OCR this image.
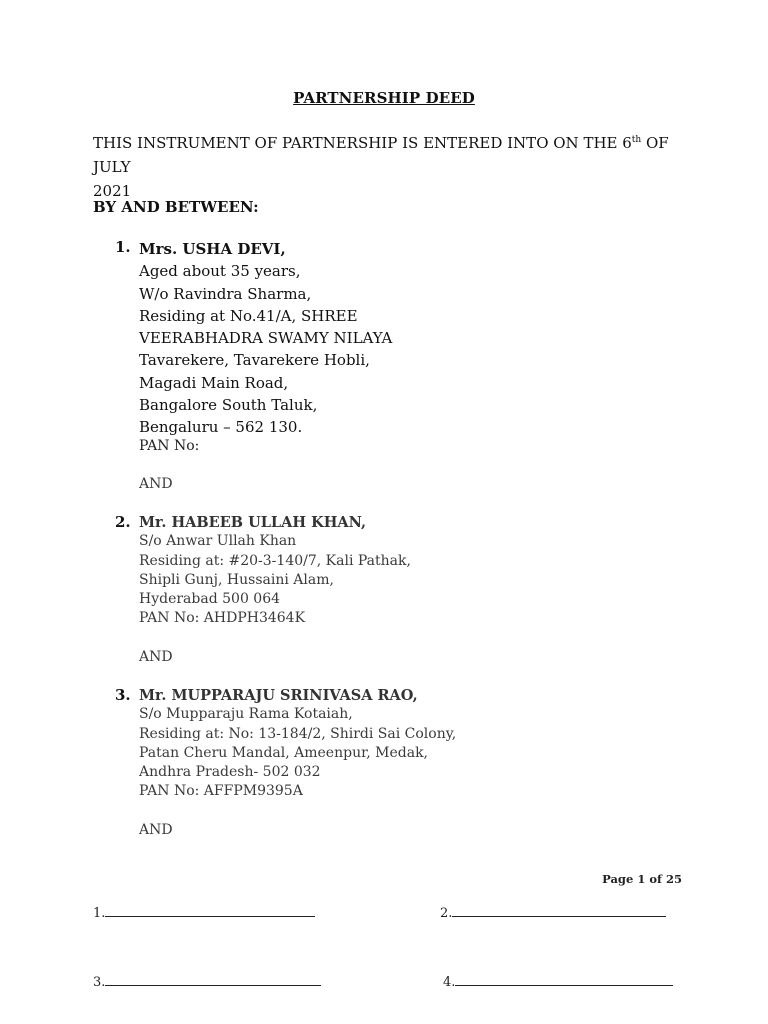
PARTNERSHIP DEED
THIS INSTRUMENT OF PARTNERSHIP IS ENTERED INTO ON THE 6th OF JULY
2021
BY AND BETWEEN:
1. Mrs. USHA DEVI,
Aged about 35 years,
W/o Ravindra Sharma,
Residing at No.41/A, SHREE
VEERABHADRA SWAMY NILAYA
Tavarekere, Tavarekere Hobli,
Magadi Main Road,
Bangalore South Taluk,
Bengaluru – 562 130.
PAN No:
AND
2. Mr. HABEEB ULLAH KHAN,
S/o Anwar Ullah Khan
Residing at: #20-3-140/7, Kali Pathak,
Shipli Gunj, Hussaini Alam,
Hyderabad 500 064
PAN No: AHDPH3464K
AND
3. Mr. MUPPARAJU SRINIVASA RAO,
S/o Mupparaju Rama Kotaiah,
Residing at: No: 13-184/2, Shirdi Sai Colony,
Patan Cheru Mandal, Ameenpur, Medak,
Andhra Pradesh- 502 032
PAN No: AFFPM9395A
AND
Page 1 of 25
1.	2.
3.	4.
